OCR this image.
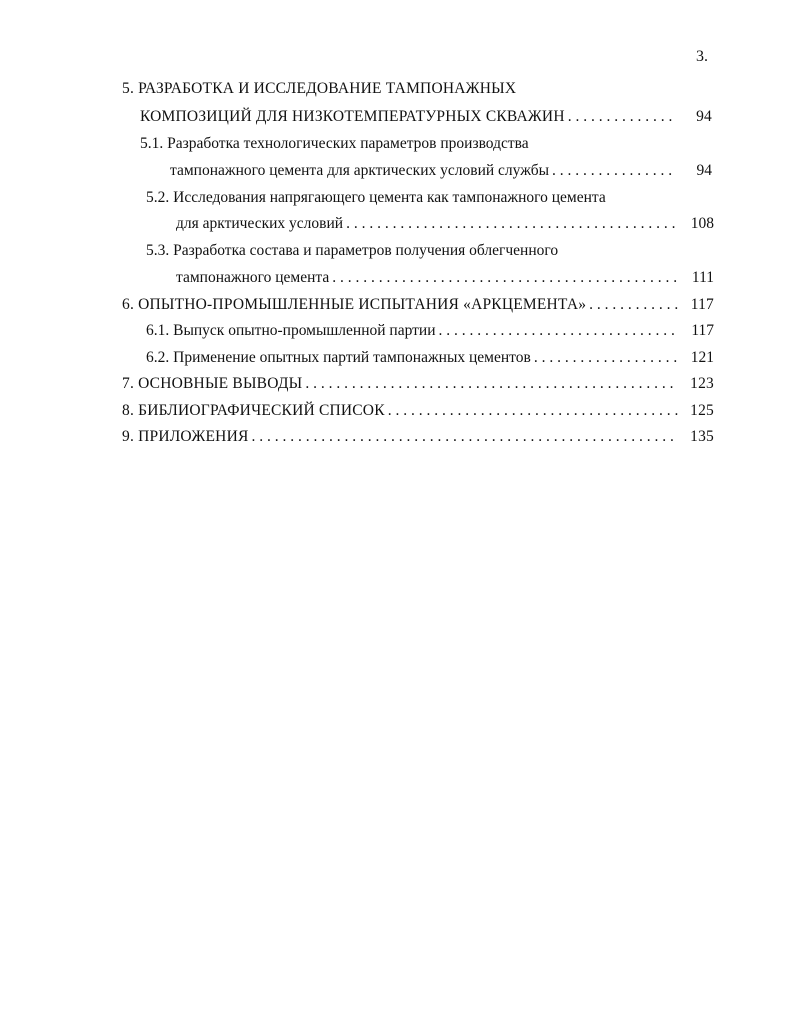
3.
5. РАЗРАБОТКА И ИССЛЕДОВАНИЕ ТАМПОНАЖНЫХ
КОМПОЗИЦИЙ ДЛЯ НИЗКОТЕМПЕРАТУРНЫХ СКВАЖИН . . .	94
5.1. Разработка технологических параметров производства
тампонажного цемента для арктических условий службы . . .	94
5.2. Исследования напрягающего цемента как тампонажного цемента
для арктических условий . . .	108
5.3. Разработка состава и параметров получения облегченного
тампонажного цемента . . .	111
6. ОПЫТНО-ПРОМЫШЛЕННЫЕ ИСПЫТАНИЯ «АРКЦЕМЕНТА» . . .	117
6.1. Выпуск опытно-промышленной партии . . .	117
6.2. Применение опытных партий тампонажных цементов . . .	121
7. ОСНОВНЫЕ ВЫВОДЫ . . .	123
8. БИБЛИОГРАФИЧЕСКИЙ СПИСОК . . .	125
9. ПРИЛОЖЕНИЯ . . .	135
